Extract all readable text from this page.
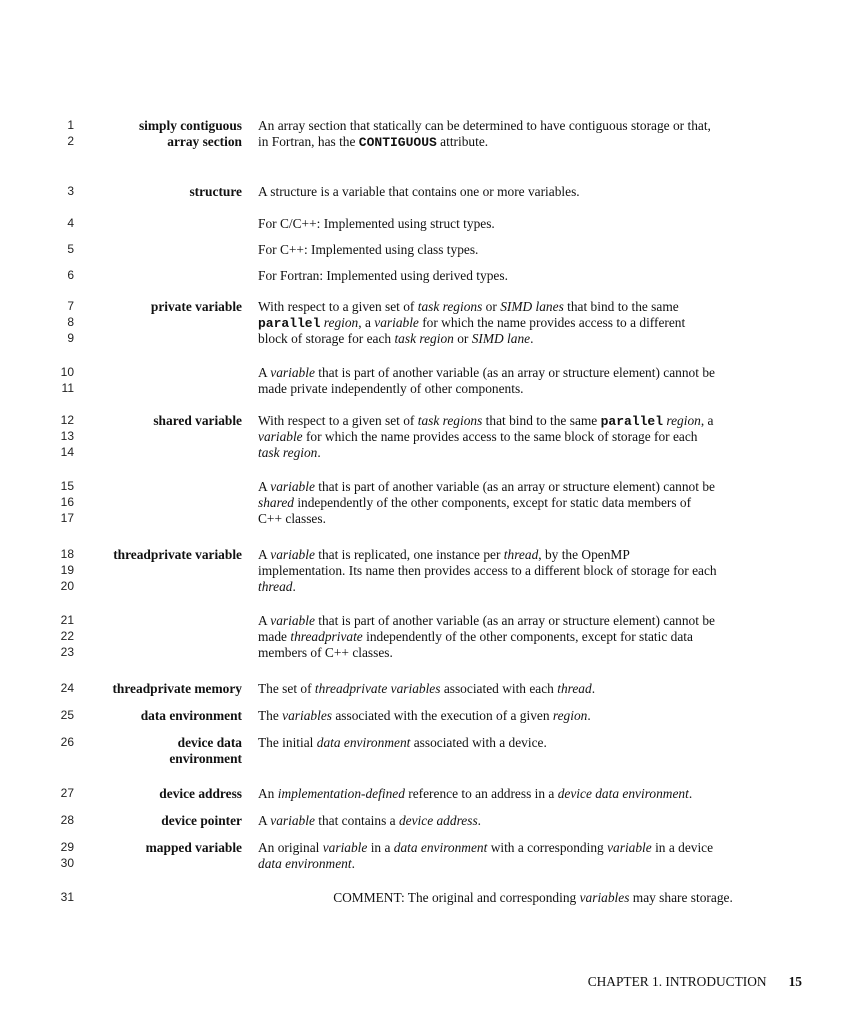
1
2
3
4
5
6
7
8
9
10
11
12
13
14
15
16
17
18
19
20
21
22
23
24
25
26
27
28
29
30
31
simply contiguous
array section
An array section that statically can be determined to have contiguous storage or that,
in Fortran, has the CONTIGUOUS attribute.
structure A structure is a variable that contains one or more variables.
For C/C++: Implemented using struct types.
For C++: Implemented using class types.
For Fortran: Implemented using derived types.
private variable With respect to a given set of task regions or SIMD lanes that bind to the same
parallel region, a variable for which the name provides access to a different
block of storage for each task region or SIMD lane.
A variable that is part of another variable (as an array or structure element) cannot be
made private independently of other components.
shared variable With respect to a given set of task regions that bind to the same parallel region, a
variable for which the name provides access to the same block of storage for each
task region.
A variable that is part of another variable (as an array or structure element) cannot be
shared independently of the other components, except for static data members of
C++ classes.
threadprivate variable A variable that is replicated, one instance per thread, by the OpenMP
implementation. Its name then provides access to a different block of storage for each
thread.
A variable that is part of another variable (as an array or structure element) cannot be
made threadprivate independently of the other components, except for static data
members of C++ classes.
threadprivate memory The set of threadprivate variables associated with each thread.
data environment The variables associated with the execution of a given region.
device data
environment
The initial data environment associated with a device.
device address An implementation-defined reference to an address in a device data environment.
device pointer A variable that contains a device address.
mapped variable An original variable in a data environment with a corresponding variable in a device
data environment.
COMMENT: The original and corresponding variables may share storage.
CHAPTER 1. INTRODUCTION 15
